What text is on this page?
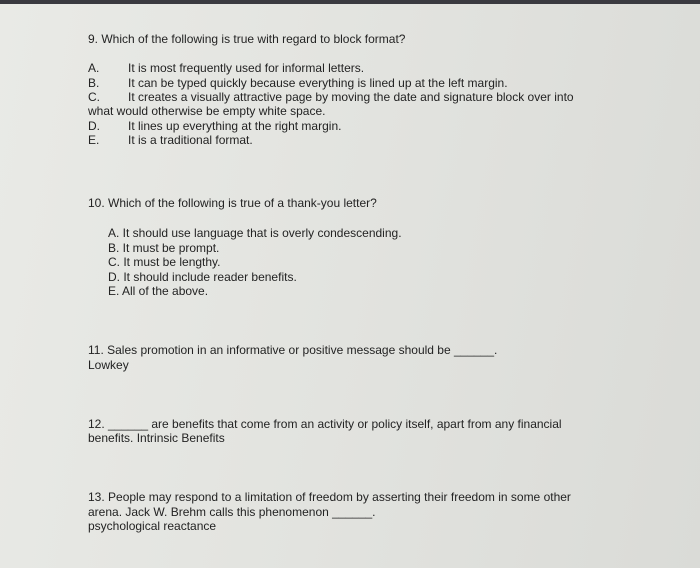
9. Which of the following is true with regard to block format?
A. It is most frequently used for informal letters.
B. It can be typed quickly because everything is lined up at the left margin.
C. It creates a visually attractive page by moving the date and signature block over into
what would otherwise be empty white space.
D. It lines up everything at the right margin.
E. It is a traditional format.
10. Which of the following is true of a thank-you letter?
A. It should use language that is overly condescending.
B. It must be prompt.
C. It must be lengthy.
D. It should include reader benefits.
E. All of the above.
11. Sales promotion in an informative or positive message should be ______.
Lowkey
12. ______ are benefits that come from an activity or policy itself, apart from any financial
benefits. Intrinsic Benefits
13. People may respond to a limitation of freedom by asserting their freedom in some other
arena. Jack W. Brehm calls this phenomenon ______.
psychological reactance
